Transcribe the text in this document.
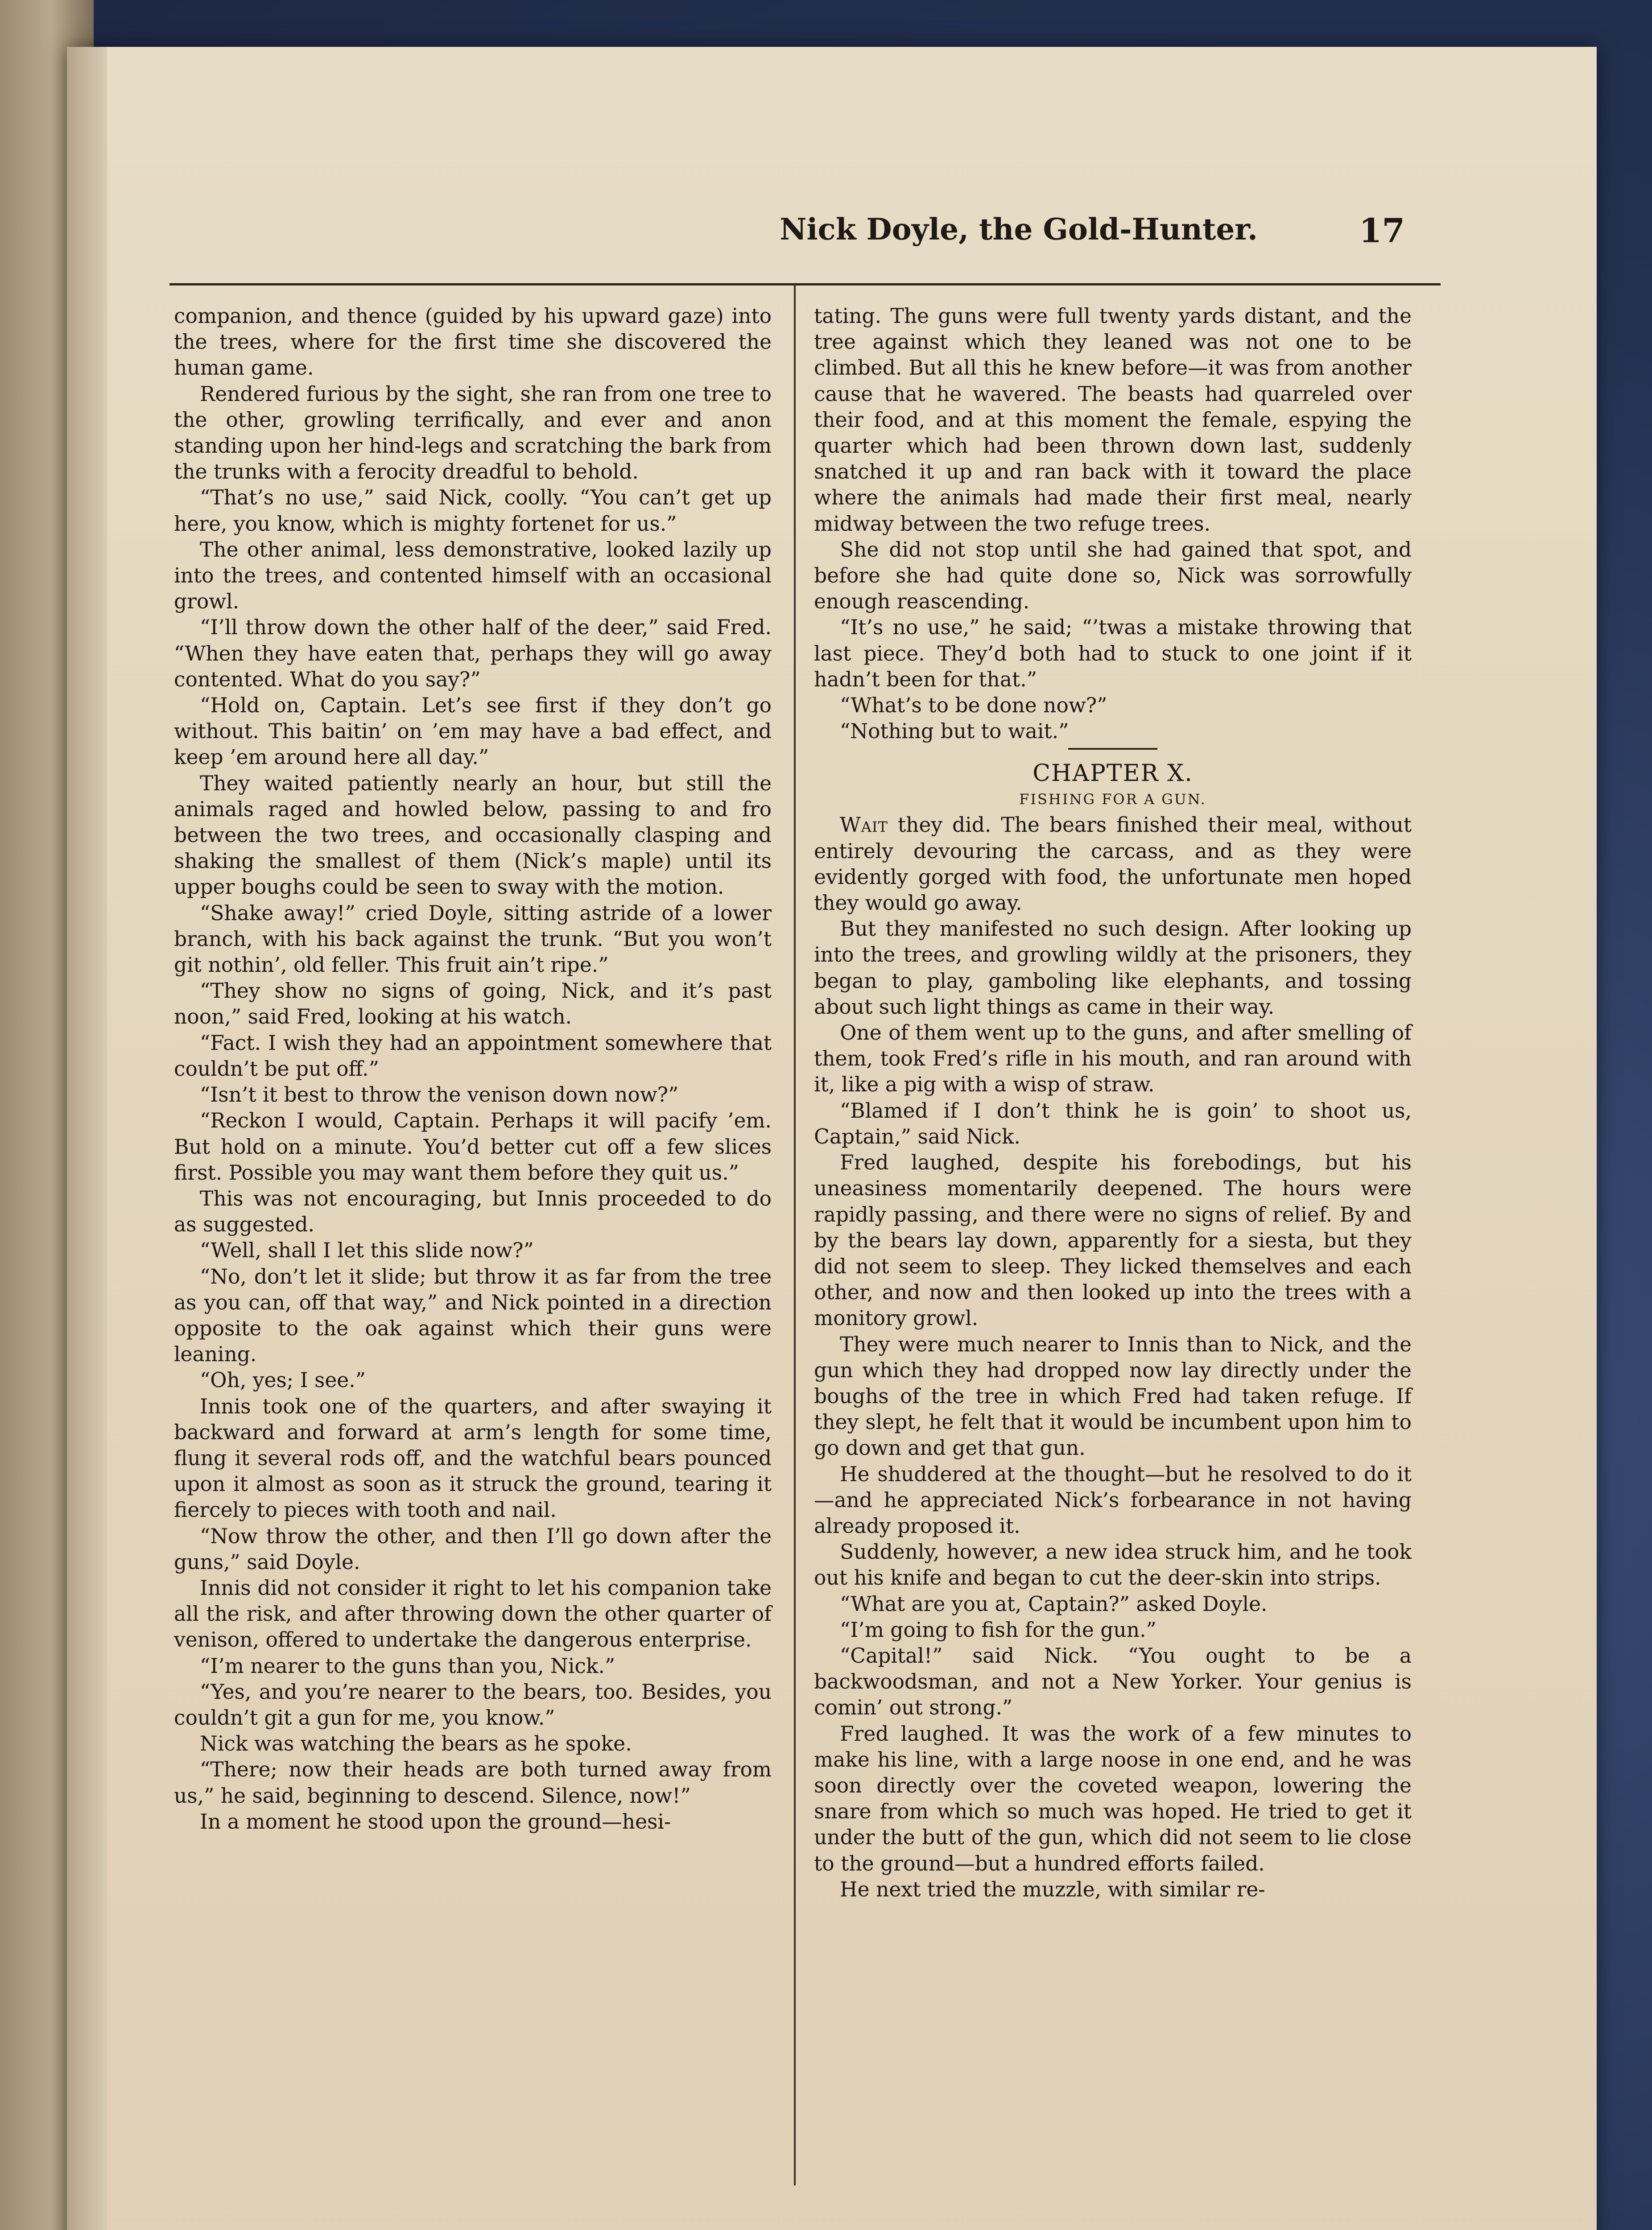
Nick Doyle, the Gold-Hunter.	17

companion, and thence (guided by his upward gaze) into the trees, where for the first time she discovered the human game.

Rendered furious by the sight, she ran from one tree to the other, growling terrifically, and ever and anon standing upon her hind-legs and scratching the bark from the trunks with a ferocity dreadful to behold.

“That’s no use,” said Nick, coolly. “You can’t get up here, you know, which is mighty fortenet for us.”

The other animal, less demonstrative, looked lazily up into the trees, and contented himself with an occasional growl.

“I’ll throw down the other half of the deer,” said Fred. “When they have eaten that, perhaps they will go away contented. What do you say?”

“Hold on, Captain. Let’s see first if they don’t go without. This baitin’ on ’em may have a bad effect, and keep ’em around here all day.”

They waited patiently nearly an hour, but still the animals raged and howled below, passing to and fro between the two trees, and occasionally clasping and shaking the smallest of them (Nick’s maple) until its upper boughs could be seen to sway with the motion.

“Shake away!” cried Doyle, sitting astride of a lower branch, with his back against the trunk. “But you won’t git nothin’, old feller. This fruit ain’t ripe.”

“They show no signs of going, Nick, and it’s past noon,” said Fred, looking at his watch.

“Fact. I wish they had an appointment somewhere that couldn’t be put off.”

“Isn’t it best to throw the venison down now?”

“Reckon I would, Captain. Perhaps it will pacify ’em. But hold on a minute. You’d better cut off a few slices first. Possible you may want them before they quit us.”

This was not encouraging, but Innis proceeded to do as suggested.

“Well, shall I let this slide now?”

“No, don’t let it slide; but throw it as far from the tree as you can, off that way,” and Nick pointed in a direction opposite to the oak against which their guns were leaning.

“Oh, yes; I see.”

Innis took one of the quarters, and after swaying it backward and forward at arm’s length for some time, flung it several rods off, and the watchful bears pounced upon it almost as soon as it struck the ground, tearing it fiercely to pieces with tooth and nail.

“Now throw the other, and then I’ll go down after the guns,” said Doyle.

Innis did not consider it right to let his companion take all the risk, and after throwing down the other quarter of venison, offered to undertake the dangerous enterprise.

“I’m nearer to the guns than you, Nick.”

“Yes, and you’re nearer to the bears, too. Besides, you couldn’t git a gun for me, you know.”

Nick was watching the bears as he spoke.

“There; now their heads are both turned away from us,” he said, beginning to descend. Silence, now!”

In a moment he stood upon the ground—hesi-

tating. The guns were full twenty yards distant, and the tree against which they leaned was not one to be climbed. But all this he knew before—it was from another cause that he wavered. The beasts had quarreled over their food, and at this moment the female, espying the quarter which had been thrown down last, suddenly snatched it up and ran back with it toward the place where the animals had made their first meal, nearly midway between the two refuge trees.

She did not stop until she had gained that spot, and before she had quite done so, Nick was sorrowfully enough reascending.

“It’s no use,” he said; “’twas a mistake throwing that last piece. They’d both had to stuck to one joint if it hadn’t been for that.”

“What’s to be done now?”

“Nothing but to wait.”

CHAPTER X.

FISHING FOR A GUN.

Wait they did. The bears finished their meal, without entirely devouring the carcass, and as they were evidently gorged with food, the unfortunate men hoped they would go away.

But they manifested no such design. After looking up into the trees, and growling wildly at the prisoners, they began to play, gamboling like elephants, and tossing about such light things as came in their way.

One of them went up to the guns, and after smelling of them, took Fred’s rifle in his mouth, and ran around with it, like a pig with a wisp of straw.

“Blamed if I don’t think he is goin’ to shoot us, Captain,” said Nick.

Fred laughed, despite his forebodings, but his uneasiness momentarily deepened. The hours were rapidly passing, and there were no signs of relief. By and by the bears lay down, apparently for a siesta, but they did not seem to sleep. They licked themselves and each other, and now and then looked up into the trees with a monitory growl.

They were much nearer to Innis than to Nick, and the gun which they had dropped now lay directly under the boughs of the tree in which Fred had taken refuge. If they slept, he felt that it would be incumbent upon him to go down and get that gun.

He shuddered at the thought—but he resolved to do it—and he appreciated Nick’s forbearance in not having already proposed it.

Suddenly, however, a new idea struck him, and he took out his knife and began to cut the deer-skin into strips.

“What are you at, Captain?” asked Doyle.

“I’m going to fish for the gun.”

“Capital!” said Nick. “You ought to be a backwoodsman, and not a New Yorker. Your genius is comin’ out strong.”

Fred laughed. It was the work of a few minutes to make his line, with a large noose in one end, and he was soon directly over the coveted weapon, lowering the snare from which so much was hoped. He tried to get it under the butt of the gun, which did not seem to lie close to the ground—but a hundred efforts failed.

He next tried the muzzle, with similar re-
